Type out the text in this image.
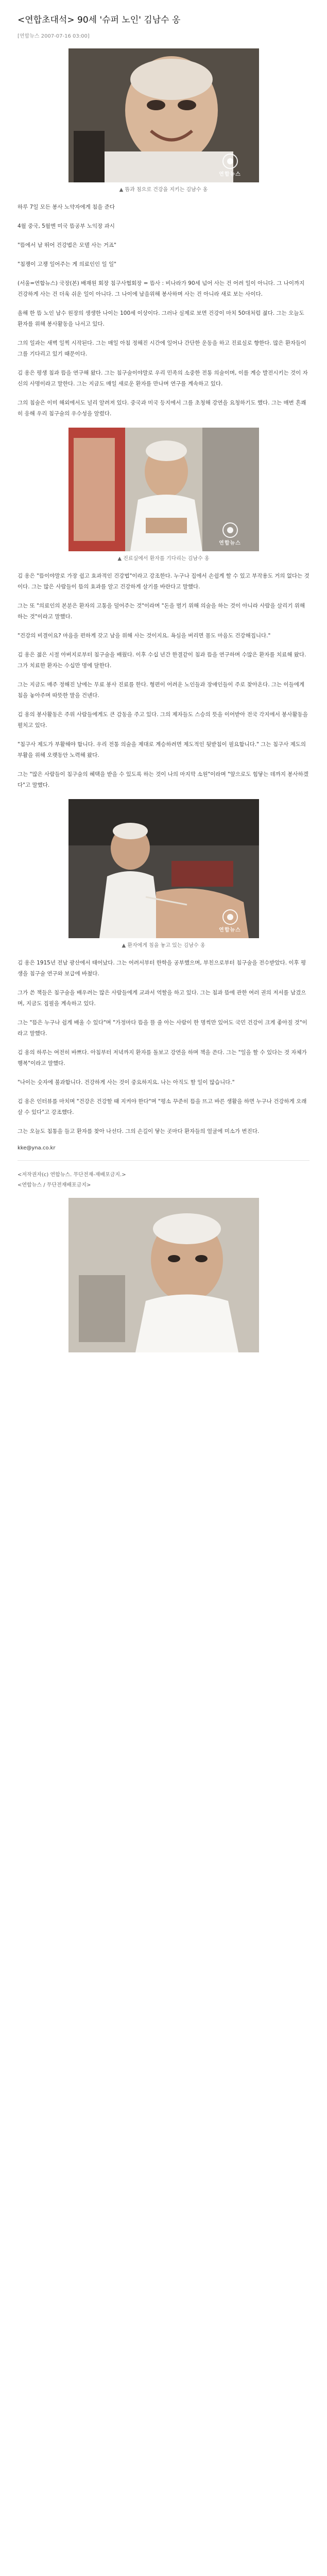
<연합초대석> 90세 '슈퍼 노인' 김남수 옹
[연합뉴스 2007-07-16 03:00]
연합뉴스
▲ 뜸과 침으로 건강을 지키는 김남수 옹

하루 7일 모든 봉사 노약자에게 침을 준다

4월 중국, 5월엔 미국 뜸공부 노익장 과시

"뜸에서 남 뛰어 건강법은 모델 사는 거죠"

"침쟁이 고쟁 일어주는 게 의료인인 일 일"

(서울=연합뉴스) 국장(본) 배재원 회장 침구사협회장 = 뜸사 : 비나라가 90세 넘어 사는 건 어려 일이 아니다. 그 나이까지 건강하게 사는 건 더욱 쉬운 일이 아니다. 그 나이에 남을위해 봉사하며 사는 건 아니라 새로 보는 사이다.

올해 한 뜸 노인 남수 원장의 생생한 나이는 100세 이상이다. 그러나 실제로 보면 건강이 마치 50대처럼 젊다. 그는 오늘도 환자를 위해 봉사활동을 나서고 있다.

그의 일과는 새벽 일찍 시작된다. 그는 매일 아침 정해진 시간에 일어나 간단한 운동을 하고 진료실로 향한다. 많은 환자들이 그를 기다리고 있기 때문이다.

김 옹은 평생 침과 뜸을 연구해 왔다. 그는 침구술이야말로 우리 민족의 소중한 전통 의술이며, 이를 계승 발전시키는 것이 자신의 사명이라고 말한다. 그는 지금도 매일 새로운 환자를 만나며 연구를 계속하고 있다.

그의 침술은 이미 해외에서도 널리 알려져 있다. 중국과 미국 등지에서 그를 초청해 강연을 요청하기도 했다. 그는 매번 흔쾌히 응해 우리 침구술의 우수성을 알렸다.

연합뉴스
▲ 진료실에서 환자를 기다리는 김남수 옹

김 옹은 "뜸이야말로 가장 쉽고 효과적인 건강법"이라고 강조한다. 누구나 집에서 손쉽게 할 수 있고 부작용도 거의 없다는 것이다. 그는 많은 사람들이 뜸의 효과를 알고 건강하게 살기를 바란다고 말했다.

그는 또 "의료인의 본분은 환자의 고통을 덜어주는 것"이라며 "돈을 벌기 위해 의술을 하는 것이 아니라 사람을 살리기 위해 하는 것"이라고 말했다.

"건강의 비결이요? 마음을 편하게 갖고 남을 위해 사는 것이지요. 욕심을 버리면 몸도 마음도 건강해집니다."

김 옹은 젊은 시절 아버지로부터 침구술을 배웠다. 이후 수십 년간 한결같이 침과 뜸을 연구하며 수많은 환자를 치료해 왔다. 그가 치료한 환자는 수십만 명에 달한다.

그는 지금도 매주 정해진 날에는 무료 봉사 진료를 한다. 형편이 어려운 노인들과 장애인들이 주로 찾아온다. 그는 이들에게 침을 놓아주며 따뜻한 말을 건넨다.

김 옹의 봉사활동은 주위 사람들에게도 큰 감동을 주고 있다. 그의 제자들도 스승의 뜻을 이어받아 전국 각지에서 봉사활동을 펼치고 있다.

"침구사 제도가 부활해야 합니다. 우리 전통 의술을 제대로 계승하려면 제도적인 뒷받침이 필요합니다." 그는 침구사 제도의 부활을 위해 오랫동안 노력해 왔다.

그는 "많은 사람들이 침구술의 혜택을 받을 수 있도록 하는 것이 나의 마지막 소원"이라며 "앞으로도 힘닿는 데까지 봉사하겠다"고 말했다.

연합뉴스
▲ 환자에게 침을 놓고 있는 김남수 옹

김 옹은 1915년 전남 광산에서 태어났다. 그는 어려서부터 한학을 공부했으며, 부친으로부터 침구술을 전수받았다. 이후 평생을 침구술 연구와 보급에 바쳤다.

그가 쓴 책들은 침구술을 배우려는 많은 사람들에게 교과서 역할을 하고 있다. 그는 침과 뜸에 관한 여러 권의 저서를 남겼으며, 지금도 집필을 계속하고 있다.

그는 "뜸은 누구나 쉽게 배울 수 있다"며 "가정마다 뜸을 뜰 줄 아는 사람이 한 명씩만 있어도 국민 건강이 크게 좋아질 것"이라고 말했다.

김 옹의 하루는 여전히 바쁘다. 아침부터 저녁까지 환자를 돌보고 강연을 하며 책을 쓴다. 그는 "일을 할 수 있다는 것 자체가 행복"이라고 말했다.

"나이는 숫자에 불과합니다. 건강하게 사는 것이 중요하지요. 나는 아직도 할 일이 많습니다."

김 옹은 인터뷰를 마치며 "건강은 건강할 때 지켜야 한다"며 "평소 꾸준히 뜸을 뜨고 바른 생활을 하면 누구나 건강하게 오래 살 수 있다"고 강조했다.

그는 오늘도 침통을 들고 환자를 찾아 나선다. 그의 손길이 닿는 곳마다 환자들의 얼굴에 미소가 번진다.

kke@yna.co.kr
<저작권자(c) 연합뉴스. 무단전재-재배포금지.>
<연합뉴스 / 무단전재배포금지>
